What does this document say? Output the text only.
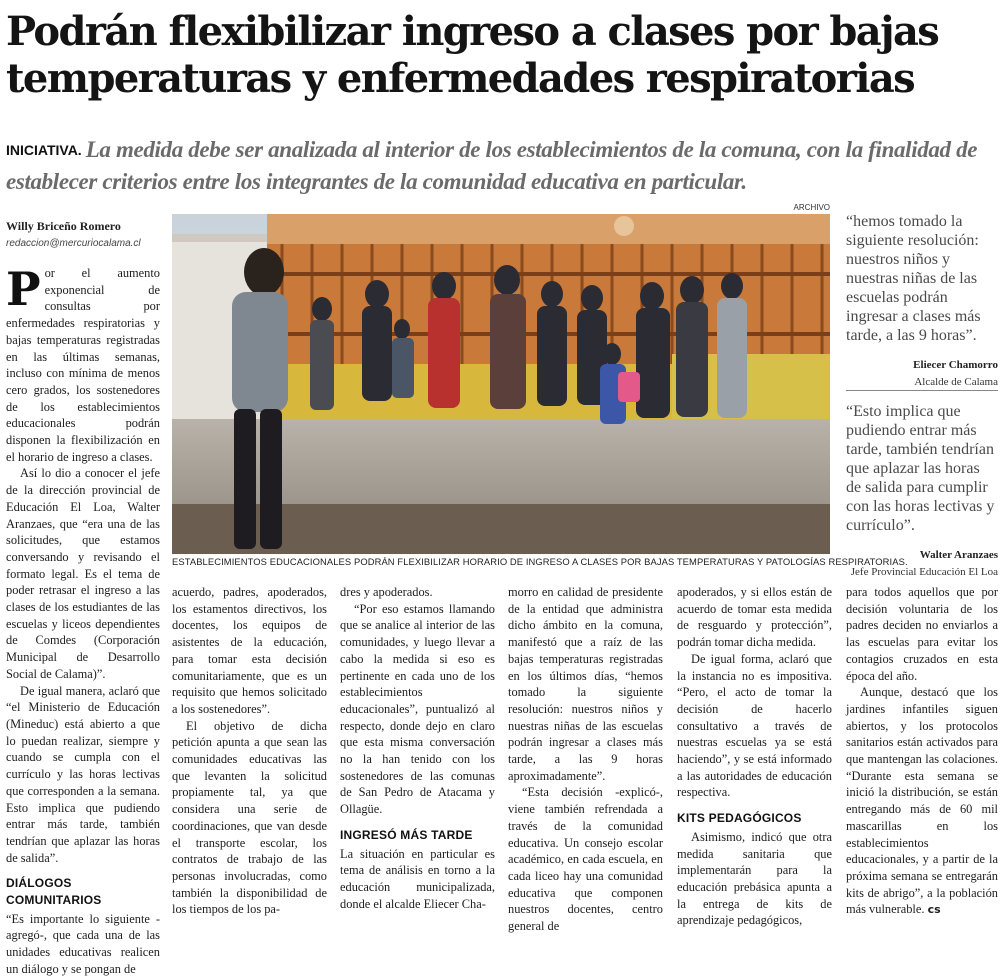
Podrán flexibilizar ingreso a clases por bajas
temperaturas y enfermedades respiratorias
INICIATIVA. La medida debe ser analizada al interior de los establecimientos de la comuna, con la finalidad de establecer criterios entre los integrantes de la comunidad educativa en particular.
Willy Briceño Romero
redaccion@mercuriocalama.cl
ARCHIVO
ESTABLECIMIENTOS EDUCACIONALES PODRÁN FLEXIBILIZAR HORARIO DE INGRESO A CLASES POR BAJAS TEMPERATURAS Y PATOLOGÍAS RESPIRATORIAS.

Por el aumento exponencial de consultas por enfermedades respiratorias y bajas temperaturas registradas en las últimas semanas, incluso con mínima de menos cero grados, los sostenedores de los establecimientos educacionales podrán disponen la flexibilización en el horario de ingreso a clases.

Así lo dio a conocer el jefe de la dirección provincial de Educación El Loa, Walter Aranzaes, que “era una de las solicitudes, que estamos conversando y revisando el formato legal. Es el tema de poder retrasar el ingreso a las clases de los estudiantes de las escuelas y liceos dependientes de Comdes (Corporación Municipal de Desarrollo Social de Calama)”.

De igual manera, aclaró que “el Ministerio de Educación (Mineduc) está abierto a que lo puedan realizar, siempre y cuando se cumpla con el currículo y las horas lectivas que corresponden a la semana. Esto implica que pudiendo entrar más tarde, también tendrían que aplazar las horas de salida”.

DIÁLOGOS COMUNITARIOS

“Es importante lo siguiente -agregó-, que cada una de las unidades educativas realicen un diálogo y se pongan de

acuerdo, padres, apoderados, los estamentos directivos, los docentes, los equipos de asistentes de la educación, para tomar esta decisión comunitariamente, que es un requisito que hemos solicitado a los sostenedores”.

El objetivo de dicha petición apunta a que sean las comunidades educativas las que levanten la solicitud propiamente tal, ya que considera una serie de coordinaciones, que van desde el transporte escolar, los contratos de trabajo de las personas involucradas, como también la disponibilidad de los tiempos de los pa-

dres y apoderados.

“Por eso estamos llamando que se analice al interior de las comunidades, y luego llevar a cabo la medida si eso es pertinente en cada uno de los establecimientos educacionales”, puntualizó al respecto, donde dejo en claro que esta misma conversación no la han tenido con los sostenedores de las comunas de San Pedro de Atacama y Ollagüe.

INGRESÓ MÁS TARDE

La situación en particular es tema de análisis en torno a la educación municipalizada, donde el alcalde Eliecer Cha-

morro en calidad de presidente de la entidad que administra dicho ámbito en la comuna, manifestó que a raíz de las bajas temperaturas registradas en los últimos días, “hemos tomado la siguiente resolución: nuestros niños y nuestras niñas de las escuelas podrán ingresar a clases más tarde, a las 9 horas aproximadamente”.

“Esta decisión -explicó-, viene también refrendada a través de la comunidad educativa. Un consejo escolar académico, en cada escuela, en cada liceo hay una comunidad educativa que componen nuestros docentes, centro general de

apoderados, y si ellos están de acuerdo de tomar esta medida de resguardo y protección”, podrán tomar dicha medida.

De igual forma, aclaró que la instancia no es impositiva. “Pero, el acto de tomar la decisión de hacerlo consultativo a través de nuestras escuelas ya se está haciendo”, y se está informado a las autoridades de educación respectiva.

KITS PEDAGÓGICOS

Asimismo, indicó que otra medida sanitaria que implementarán para la educación prebásica apunta a la entrega de kits de aprendizaje pedagógicos,

para todos aquellos que por decisión voluntaria de los padres deciden no enviarlos a las escuelas para evitar los contagios cruzados en esta época del año.

Aunque, destacó que los jardines infantiles siguen abiertos, y los protocolos sanitarios están activados para que mantengan las colaciones. “Durante esta semana se inició la distribución, se están entregando más de 60 mil mascarillas en los establecimientos educacionales, y a partir de la próxima semana se entregarán kits de abrigo”, a la población más vulnerable. cs

“hemos tomado la siguiente resolución: nuestros niños y nuestras niñas de las escuelas podrán ingresar a clases más tarde, a las 9 horas”.
Eliecer Chamorro
Alcalde de Calama
“Esto implica que pudiendo entrar más tarde, también tendrían que aplazar las horas de salida para cumplir con las horas lectivas y currículo”.
Walter Aranzaes
Jefe Provincial Educación El Loa
